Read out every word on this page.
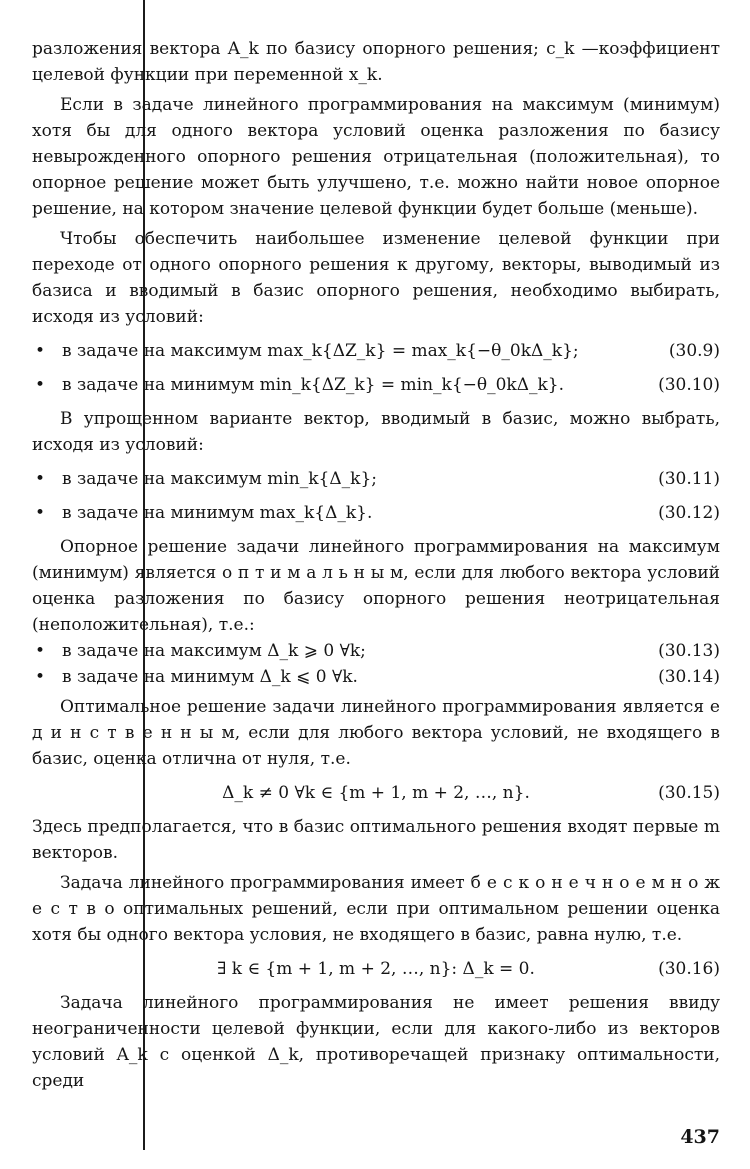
разложения вектора A_k по базису опорного решения; c_k —коэффициент целевой функции при переменной x_k.

Если в задаче линейного программирования на максимум (минимум) хотя бы для одного вектора условий оценка разложения по базису невырожденного опорного решения отрицательная (положительная), то опорное решение может быть улучшено, т.е. можно найти новое опорное решение, на котором значение целевой функции будет больше (меньше).

Чтобы обеспечить наибольшее изменение целевой функции при переходе от одного опорного решения к другому, векторы, выводимый из базиса и вводимый в базис опорного решения, необходимо выбирать, исходя из условий:

• в задаче на максимум max_k{ΔZ_k} = max_k{−θ_0kΔ_k};	(30.9)
• в задаче на минимум min_k{ΔZ_k} = min_k{−θ_0kΔ_k}.	(30.10)

В упрощенном варианте вектор, вводимый в базис, можно выбрать, исходя из условий:

• в задаче на максимум min_k{Δ_k};	(30.11)
• в задаче на минимум max_k{Δ_k}.	(30.12)

Опорное решение задачи линейного программирования на максимум (минимум) является о п т и м а л ь н ы м, если для любого вектора условий оценка разложения по базису опорного решения неотрицательная (неположительная), т.е.:

• в задаче на максимум Δ_k ⩾ 0 ∀k;	(30.13)
• в задаче на минимум Δ_k ⩽ 0 ∀k.	(30.14)

Оптимальное решение задачи линейного программирования является е д и н с т в е н н ы м, если для любого вектора условий, не входящего в базис, оценка отлична от нуля, т.е.

Δ_k ≠ 0 ∀k ∈ {m + 1, m + 2, …, n}.	(30.15)

Здесь предполагается, что в базис оптимального решения входят первые m векторов.

Задача линейного программирования имеет б е с к о н е ч н о е м н о ж е с т в о оптимальных решений, если при оптимальном решении оценка хотя бы одного вектора условия, не входящего в базис, равна нулю, т.е.

∃ k ∈ {m + 1, m + 2, …, n}: Δ_k = 0.	(30.16)

Задача линейного программирования не имеет решения ввиду неограниченности целевой функции, если для какого-либо из векторов условий A_k с оценкой Δ_k, противоречащей признаку оптимальности, среди

437
